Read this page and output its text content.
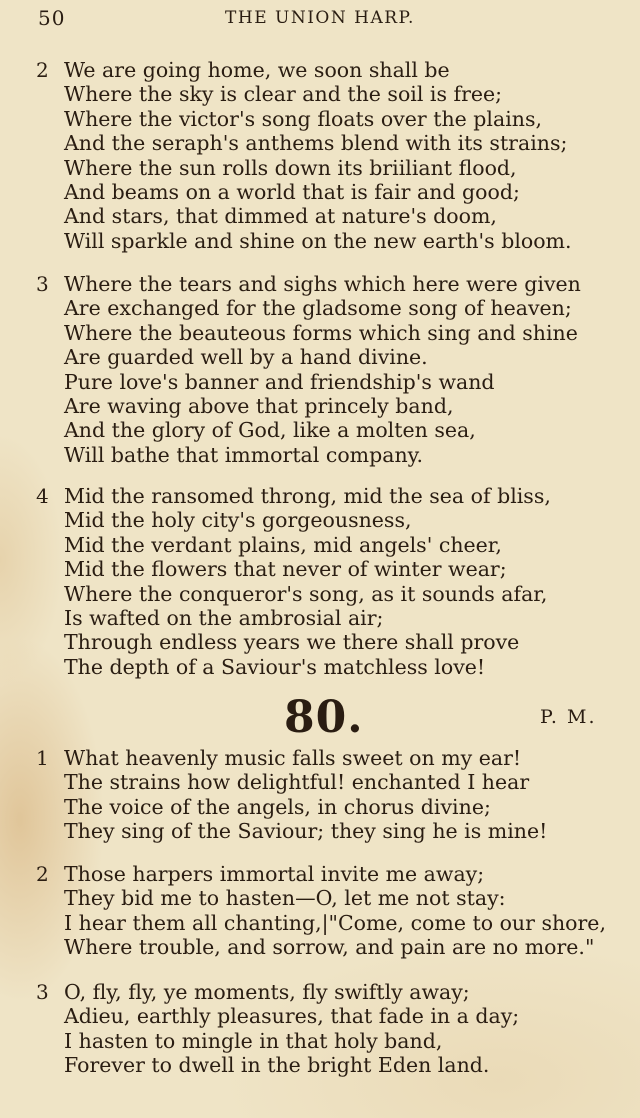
50	THE UNION HARP.
2 We are going home, we soon shall be
Where the sky is clear and the soil is free;
Where the victor's song floats over the plains,
And the seraph's anthems blend with its strains;
Where the sun rolls down its briiliant flood,
And beams on a world that is fair and good;
And stars, that dimmed at nature's doom,
Will sparkle and shine on the new earth's bloom.
3 Where the tears and sighs which here were given
Are exchanged for the gladsome song of heaven;
Where the beauteous forms which sing and shine
Are guarded well by a hand divine.
Pure love's banner and friendship's wand
Are waving above that princely band,
And the glory of God, like a molten sea,
Will bathe that immortal company.
4 Mid the ransomed throng, mid the sea of bliss,
Mid the holy city's gorgeousness,
Mid the verdant plains, mid angels' cheer,
Mid the flowers that never of winter wear;
Where the conqueror's song, as it sounds afar,
Is wafted on the ambrosial air;
Through endless years we there shall prove
The depth of a Saviour's matchless love!
80.	P. M.
1 What heavenly music falls sweet on my ear!
The strains how delightful! enchanted I hear
The voice of the angels, in chorus divine;
They sing of the Saviour; they sing he is mine!
2 Those harpers immortal invite me away;
They bid me to hasten—O, let me not stay:
I hear them all chanting,|"Come, come to our shore,
Where trouble, and sorrow, and pain are no more."
3 O, fly, fly, ye moments, fly swiftly away;
Adieu, earthly pleasures, that fade in a day;
I hasten to mingle in that holy band,
Forever to dwell in the bright Eden land.
